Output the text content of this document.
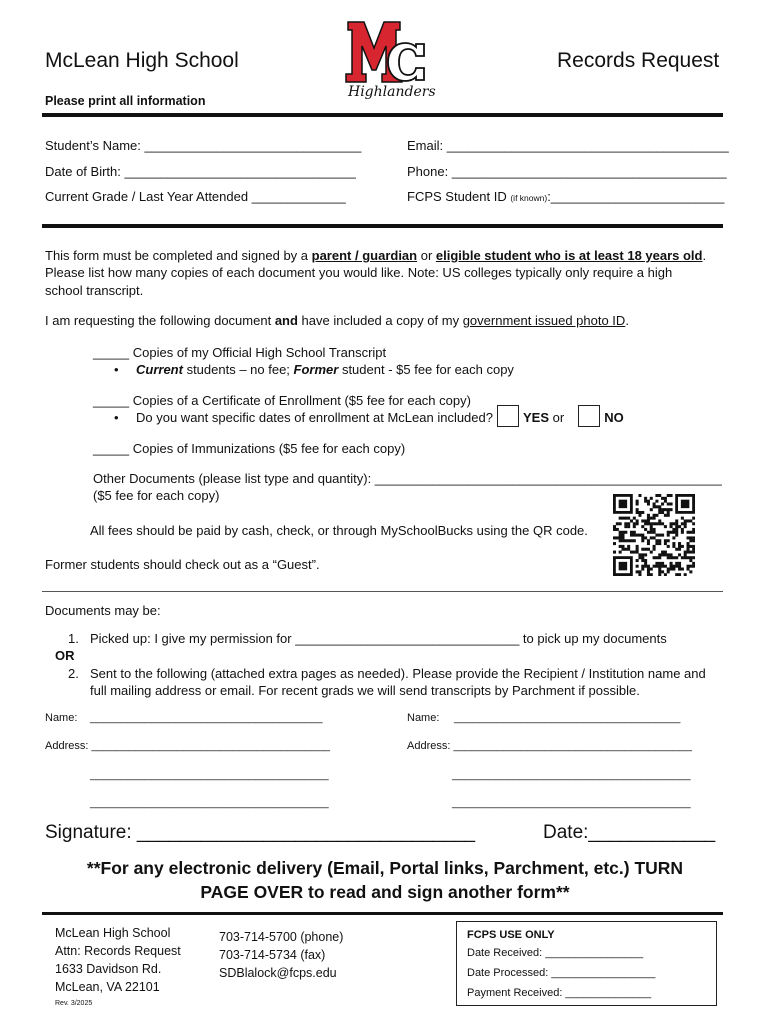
McLean High School	Records Request
Please print all information
Highlanders
Student’s Name: ______________________________	Email: _______________________________________
Date of Birth: ________________________________	Phone: ______________________________________
Current Grade / Last Year Attended _____________	FCPS Student ID (if known):________________________
This form must be completed and signed by a parent / guardian or eligible student who is at least 18 years old.
Please list how many copies of each document you would like. Note: US colleges typically only require a high
school transcript.
I am requesting the following document and have included a copy of my government issued photo ID.
_____ Copies of my Official High School Transcript
• Current students – no fee; Former student - $5 fee for each copy
_____ Copies of a Certificate of Enrollment ($5 fee for each copy)
• Do you want specific dates of enrollment at McLean included? YES or	NO
_____ Copies of Immunizations ($5 fee for each copy)
Other Documents (please list type and quantity): ________________________________________________
($5 fee for each copy)
All fees should be paid by cash, check, or through MySchoolBucks using the QR code.
Former students should check out as a “Guest”.
Documents may be:
1. Picked up: I give my permission for _______________________________ to pick up my documents
OR
2. Sent to the following (attached extra pages as needed). Please provide the Recipient / Institution name and
full mailing address or email. For recent grads we will send transcripts by Parchment if possible.
Name: ______________________________________	Name: _____________________________________
Address: _______________________________________	Address: _______________________________________
_______________________________________	_______________________________________
_______________________________________	_______________________________________
Signature: ________________________________	Date:____________
**For any electronic delivery (Email, Portal links, Parchment, etc.) TURN
PAGE OVER to read and sign another form**
McLean High School
Attn: Records Request
1633 Davidson Rd.
McLean, VA 22101
Rev. 3/2025
703-714-5700 (phone)
703-714-5734 (fax)
SDBlalock@fcps.edu
FCPS USE ONLY
Date Received: ________________
Date Processed: _________________
Payment Received: ______________
